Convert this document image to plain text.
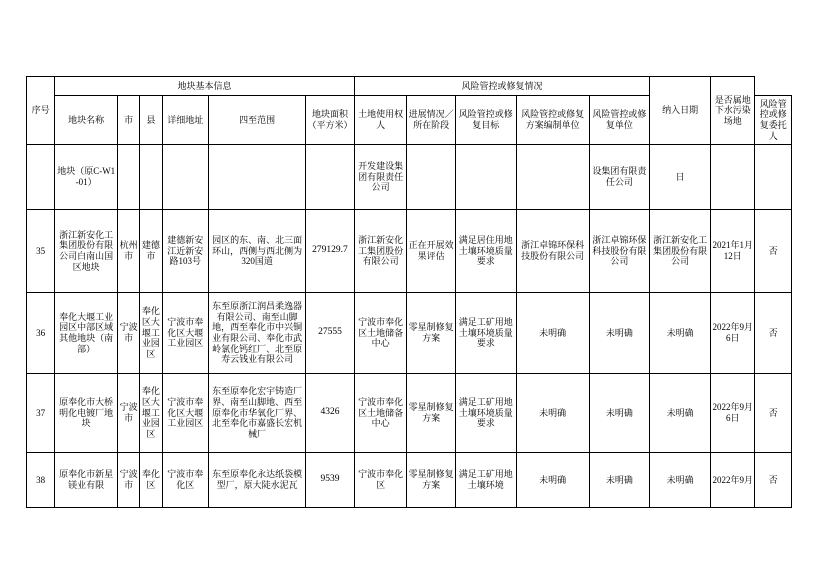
序号	地块基本信息						风险管控或修复情况					纳入日期	是否属地下水污染场地	
	地块名称	市	县	详细地址	四至范围	地块面积（平方米）	土地使用权人	进展情况／所在阶段	风险管控或修复目标	风险管控或修复方案编制单位	风险管控或修复单位			风险管控或修复委托人
	地块（原C-W1-01）						开发建设集团有限责任公司				设集团有限责任公司	日		
35	浙江新安化工集团股份有限公司白南山国区地块	杭州市	建德市	建德新安江近新安路103号	园区的东、南、北三面环山，西侧与西北侧为320国道	279129.7	浙江新安化工集团股份有限公司	正在开展效果评估	满足居住用地土壤环境质量要求	浙江卓锦环保科技股份有限公司	浙江卓锦环保科技股份有限公司	浙江新安化工集团股份有限公司	2021年1月12日	否
36	奉化大堰工业园区中部区域其他地块（南部）	宁波市	奉化区大堰工业园区	宁波市奉化区大堰工业园区	东至原浙江润昌柔逸器有限公司、南至山脚地，西至奉化市中兴铜业有限公司、奉化市武岭氯化钙红厂、北至原寿云钱业有限公司	27555	宁波市奉化区土地储备中心	零星制修复方案	满足工矿用地土壤环境质量要求	未明确	未明确	未明确	2022年9月6日	否
37	原奉化市大桥明化电镀厂地块	宁波市	奉化区大堰工业园区	宁波市奉化区大堰工业园区	东至原奉化宏宇铸造厂界、南至山脚地、西至原奉化市华氧化厂界、北至奉化市嘉盛长宏机械厂	4326	宁波市奉化区土地储备中心	零星制修复方案	满足工矿用地土壤环境质量要求	未明确	未明确	未明确	2022年9月6日	否
38	原奉化市新星镁业有限	宁波市	奉化区	宁波市奉化区	东至原奉化永达纸袋模型厂，原大陡水泥瓦	9539	宁波市奉化区	零星制修复方案	满足工矿用地土壤环境	未明确	未明确	未明确	2022年9月	否
